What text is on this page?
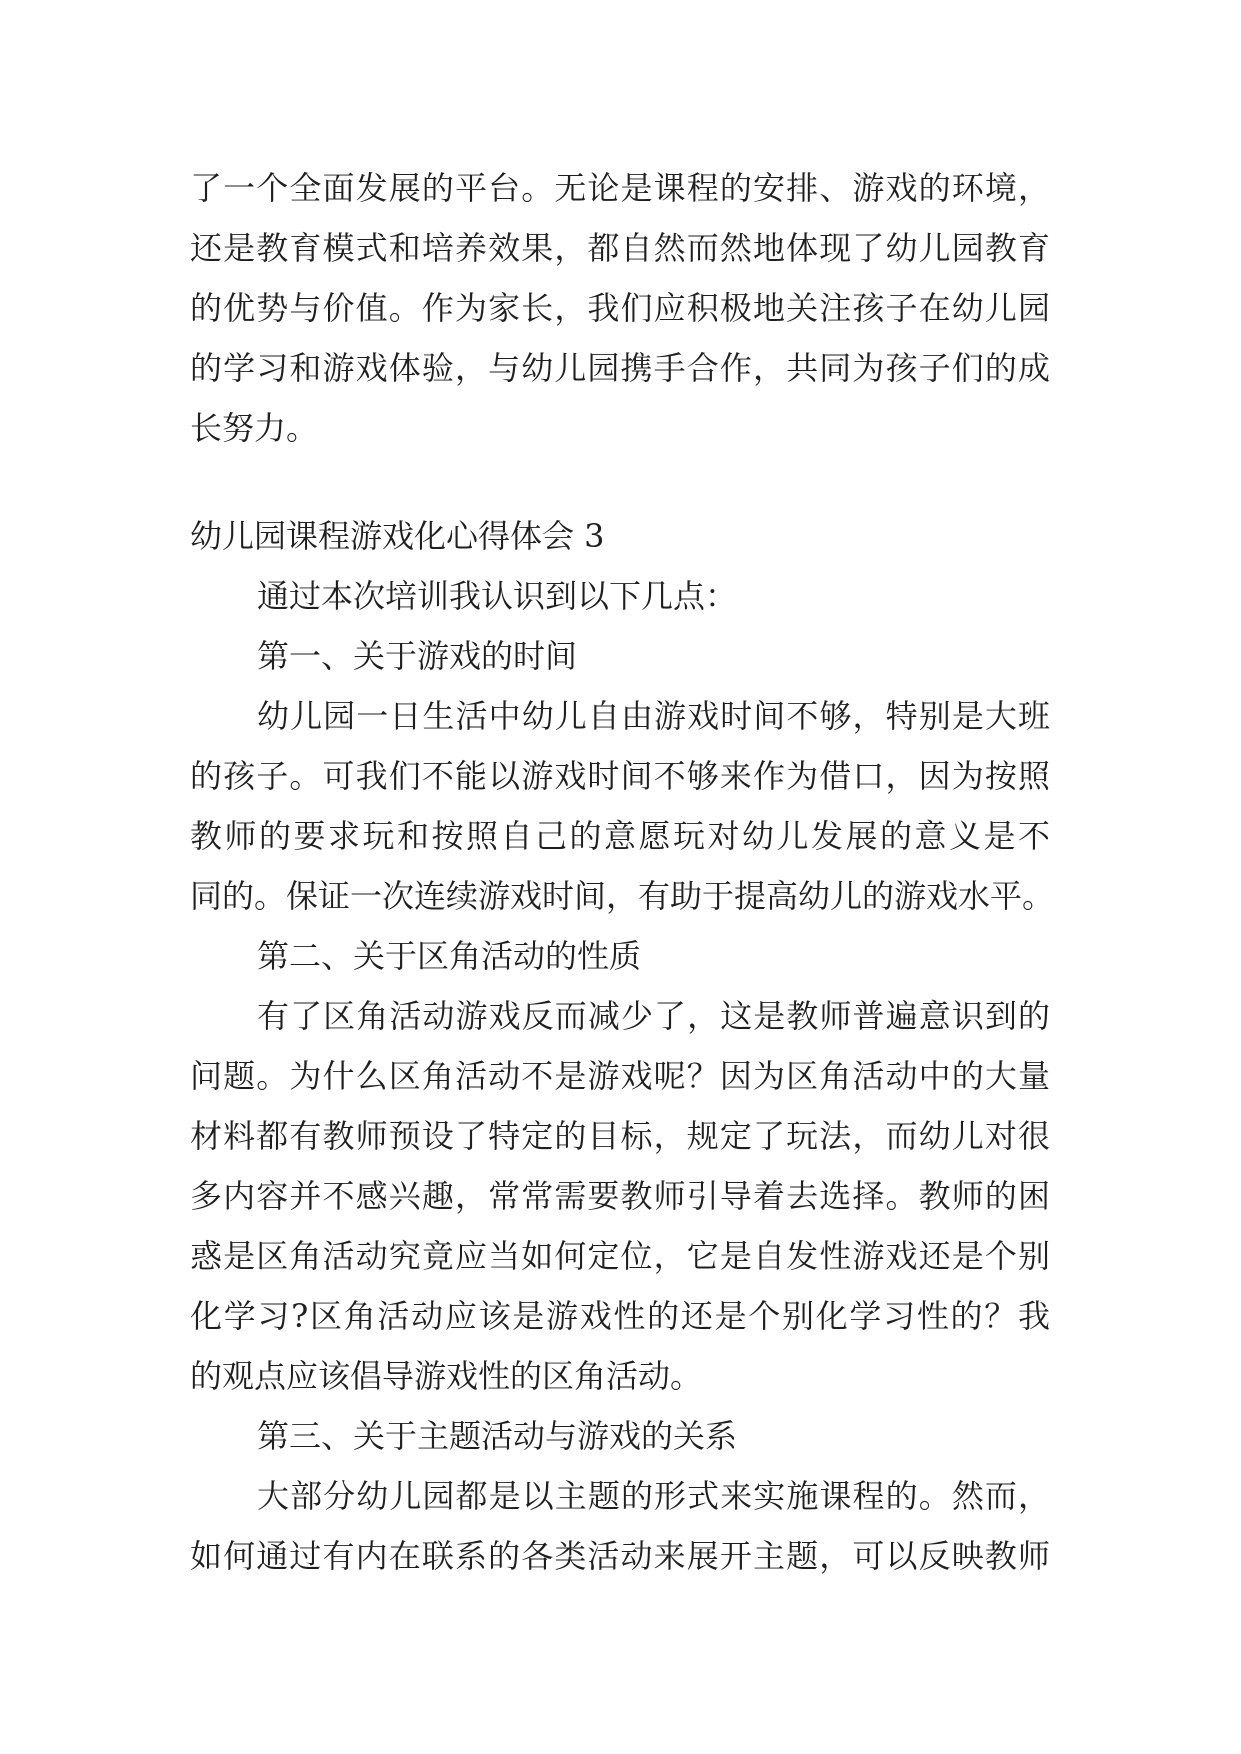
了一个全面发展的平台。无论是课程的安排、游戏的环境，
还是教育模式和培养效果，都自然而然地体现了幼儿园教育
的优势与价值。作为家长，我们应积极地关注孩子在幼儿园
的学习和游戏体验，与幼儿园携手合作，共同为孩子们的成
长努力。
幼儿园课程游戏化心得体会 3
通过本次培训我认识到以下几点：
第一、关于游戏的时间
幼儿园一日生活中幼儿自由游戏时间不够，特别是大班
的孩子。可我们不能以游戏时间不够来作为借口，因为按照
教师的要求玩和按照自己的意愿玩对幼儿发展的意义是不
同的。保证一次连续游戏时间，有助于提高幼儿的游戏水平。
第二、关于区角活动的性质
有了区角活动游戏反而减少了，这是教师普遍意识到的
问题。为什么区角活动不是游戏呢？因为区角活动中的大量
材料都有教师预设了特定的目标，规定了玩法，而幼儿对很
多内容并不感兴趣，常常需要教师引导着去选择。教师的困
惑是区角活动究竟应当如何定位，它是自发性游戏还是个别
化学习?区角活动应该是游戏性的还是个别化学习性的？我
的观点应该倡导游戏性的区角活动。
第三、关于主题活动与游戏的关系
大部分幼儿园都是以主题的形式来实施课程的。然而，
如何通过有内在联系的各类活动来展开主题，可以反映教师
